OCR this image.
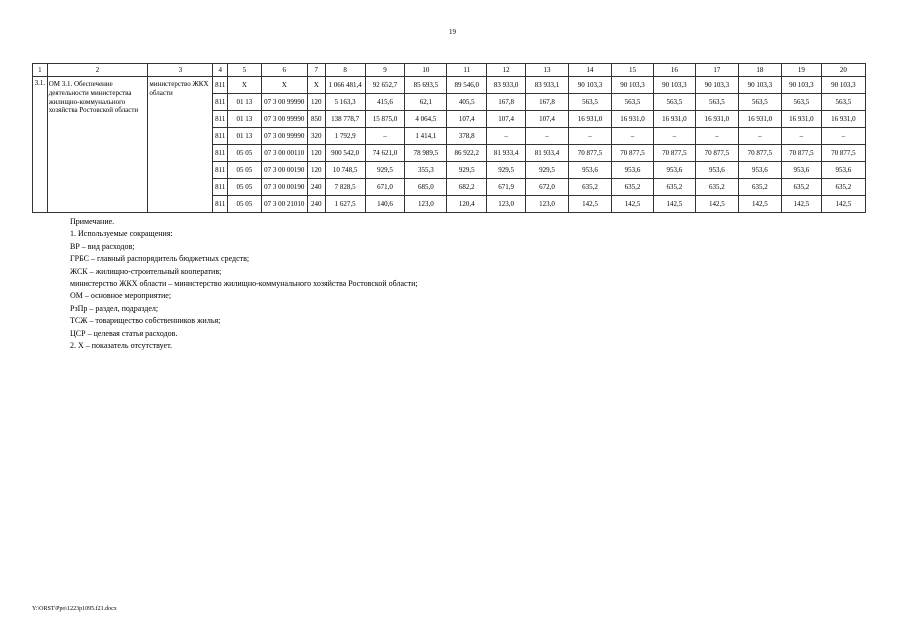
19
1	2	3	4	5	6	7	8	9	10	11	12	13	14	15	16	17	18	19	20
3.1.	ОМ 3.1. Обеспечение деятельности министерства жилищно-коммунального хозяйства Ростовской области	министерство ЖКХ области	811	X	X	X	1 066 481,4	92 652,7	85 693,5	89 546,0	83 933,0	83 933,1	90 103,3	90 103,3	90 103,3	90 103,3	90 103,3	90 103,3	90 103,3
			811	01 13	07 3 00 99990	120	5 163,3	415,6	62,1	405,5	167,8	167,8	563,5	563,5	563,5	563,5	563,5	563,5	563,5
			811	01 13	07 3 00 99990	850	138 778,7	15 875,0	4 064,5	107,4	107,4	107,4	16 931,0	16 931,0	16 931,0	16 931,0	16 931,0	16 931,0	16 931,0
			811	01 13	07 3 00 99990	320	1 792,9	–	1 414,1	378,8	–	–	–	–	–	–	–	–	–
			811	05 05	07 3 00 00110	120	900 542,0	74 621,0	78 989,5	86 922,2	81 933,4	81 933,4	70 877,5	70 877,5	70 877,5	70 877,5	70 877,5	70 877,5	70 877,5
			811	05 05	07 3 00 00190	120	10 748,5	929,5	355,3	929,5	929,5	929,5	953,6	953,6	953,6	953,6	953,6	953,6	953,6
			811	05 05	07 3 00 00190	240	7 828,5	671,0	685,0	682,2	671,9	672,0	635,2	635,2	635,2	635,2	635,2	635,2	635,2
			811	05 05	07 3 00 21010	240	1 627,5	140,6	123,0	120,4	123,0	123,0	142,5	142,5	142,5	142,5	142,5	142,5	142,5
Примечание.
1. Используемые сокращения:
ВР – вид расходов;
ГРБС – главный распорядитель бюджетных средств;
ЖСК – жилищно-строительный кооператив;
министерство ЖКХ области – министерство жилищно-коммунального хозяйства Ростовской области;
ОМ – основное мероприятие;
РзПр – раздел, подраздел;
ТСЖ – товарищество собственников жилья;
ЦСР – целевая статья расходов.
2. Х – показатель отсутствует.
Y:\ORST\Ppo\1223p1095.f21.docx
